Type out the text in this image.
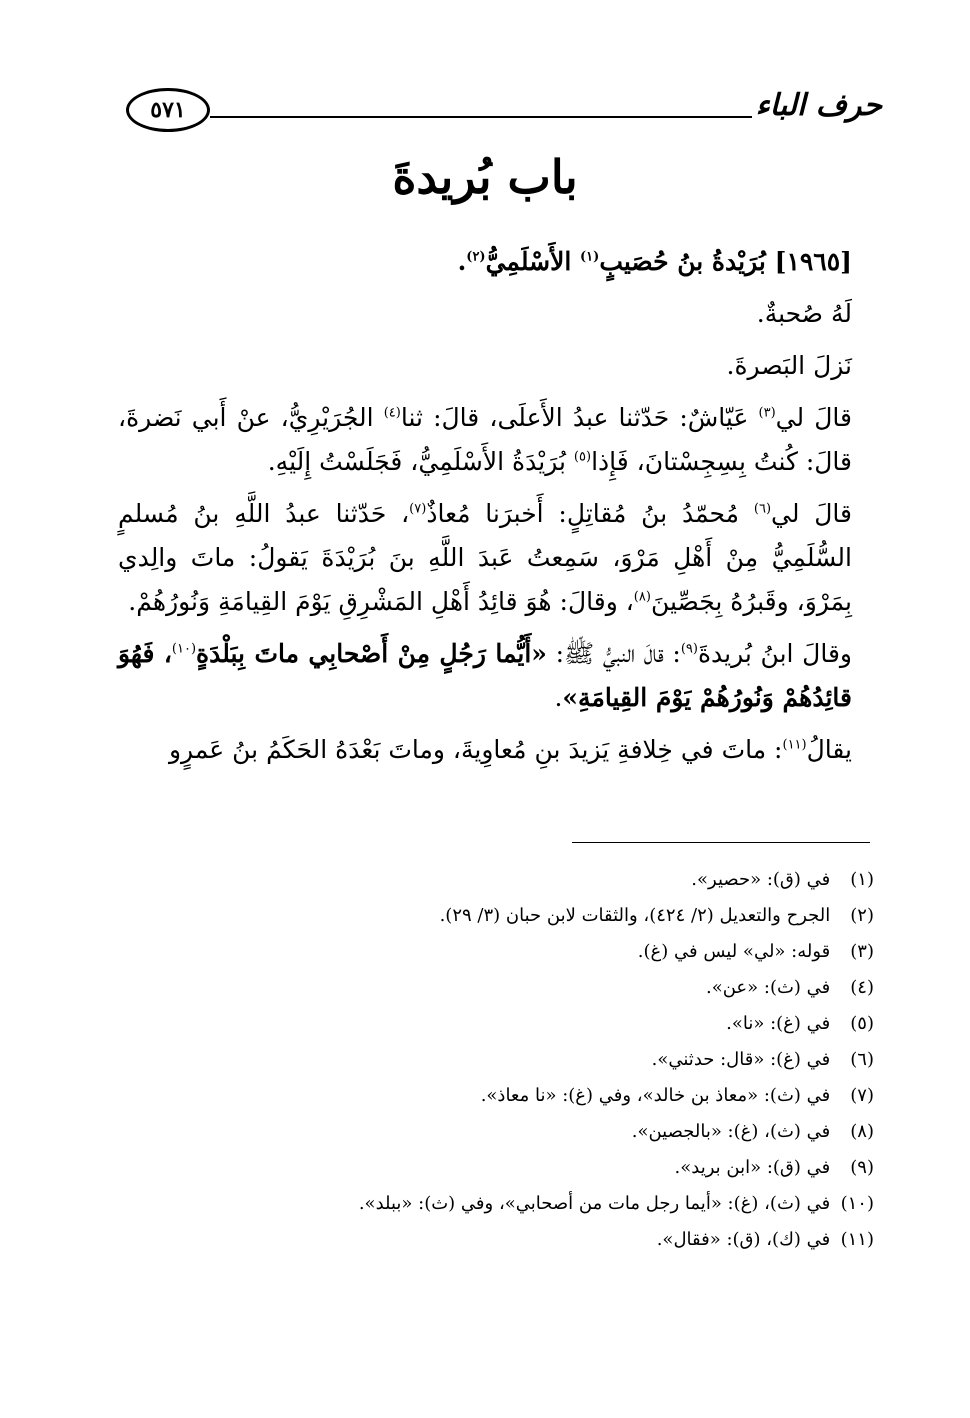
حرف الباء
٥٧١
باب بُريدةَ

[١٩٦٥] بُرَيْدةُ بنُ حُصَيبٍ$^{(١)}$ الأَسْلَمِيُّ$^{(٢)}$.

لَهُ صُحبةٌ.

نَزلَ البَصرةَ.

قالَ لي$^{(٣)}$ عَيّاشٌ: حَدّثنا عبدُ الأَعلَى، قالَ: ثنا$^{(٤)}$ الجُرَيْرِيُّ، عنْ أَبي نَضرةَ، قالَ: كُنتُ بِسِجِسْتانَ، فَإِذا$^{(٥)}$ بُرَيْدَةُ الأَسْلَمِيُّ، فَجَلَسْتُ إِلَيْهِ.

قالَ لي$^{(٦)}$ مُحمّدُ بنُ مُقاتِلٍ: أَخبرَنا مُعاذٌ$^{(٧)}$، حَدّثنا عبدُ اللَّهِ بنُ مُسلمٍ السُّلَمِيُّ مِنْ أَهْلِ مَرْوَ، سَمِعتُ عَبدَ اللَّهِ بنَ بُرَيْدَةَ يَقولُ: ماتَ والِدي بِمَرْوَ، وقَبرُهُ بِجَصِّينَ$^{(٨)}$، وقالَ: هُوَ قائِدُ أَهْلِ المَشْرِقِ يَوْمَ القِيامَةِ وَنُورُهُمْ.

وقالَ ابنُ بُريدةَ$^{(٩)}$: قالَ النبيُّ ﷺ: «أَيُّما رَجُلٍ مِنْ أَصْحابِي ماتَ بِبَلْدَةٍ$^{(١٠)}$، فَهُوَ قائِدُهُمْ وَنُورُهُمْ يَوْمَ القِيامَةِ».

يقالُ$^{(١١)}$: ماتَ في خِلافةِ يَزيدَ بنِ مُعاوِيةَ، وماتَ بَعْدَهُ الحَكَمُ بنُ عَمرٍو

(١) في (ق): «حصير».
(٢) الجرح والتعديل (٢/ ٤٢٤)، والثقات لابن حبان (٣/ ٢٩).
(٣) قوله: «لي» ليس في (غ).
(٤) في (ث): «عن».
(٥) في (غ): «نا».
(٦) في (غ): «قال: حدثني».
(٧) في (ث): «معاذ بن خالد»، وفي (غ): «نا معاذ».
(٨) في (ث)، (غ): «بالجصين».
(٩) في (ق): «ابن بريد».
(١٠) في (ث)، (غ): «أيما رجل مات من أصحابي»، وفي (ث): «ببلد».
(١١) في (ك)، (ق): «فقال».
